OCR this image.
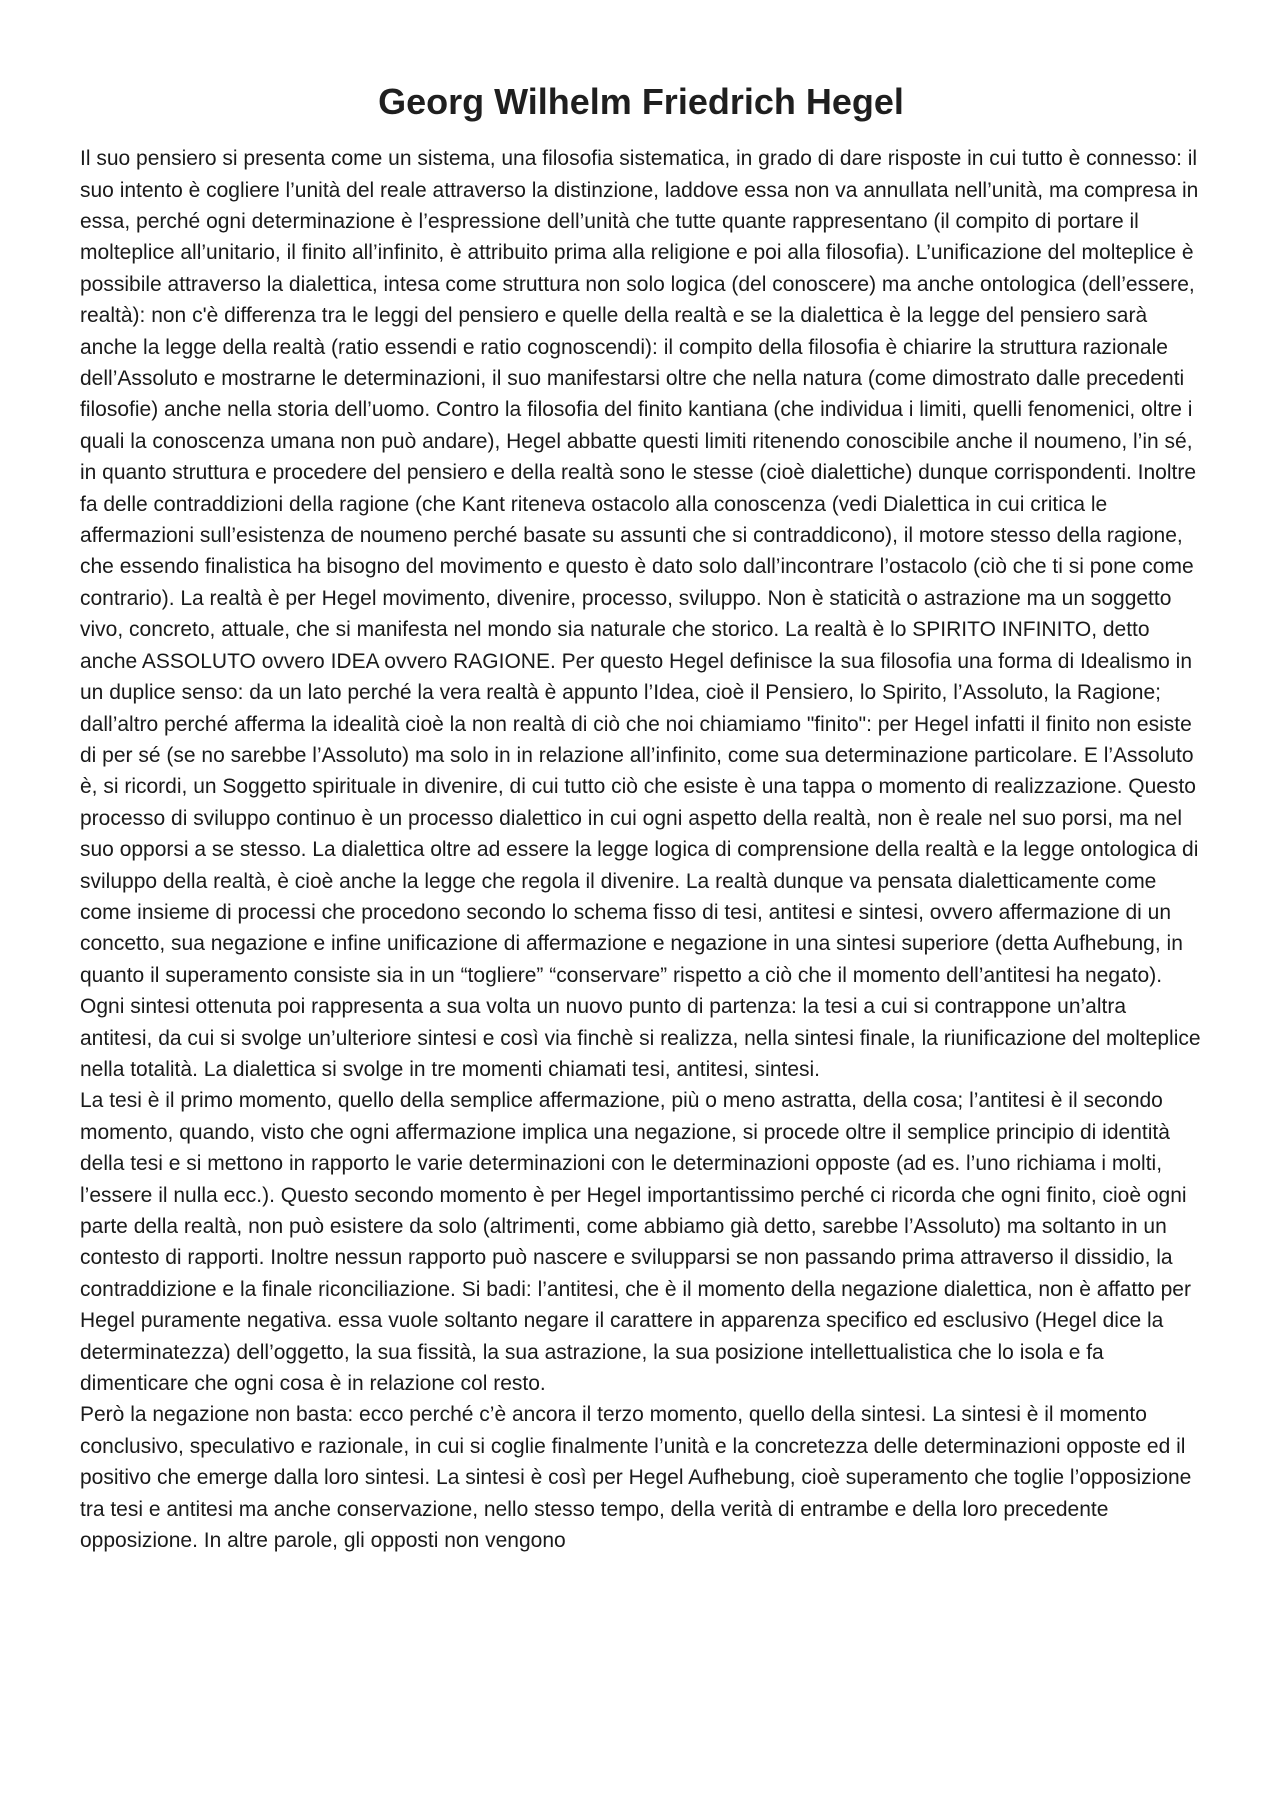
Georg Wilhelm Friedrich Hegel

Il suo pensiero si presenta come un sistema, una filosofia sistematica, in grado di dare risposte in cui tutto è connesso: il suo intento è cogliere l’unità del reale attraverso la distinzione, laddove essa non va annullata nell’unità, ma compresa in essa, perché ogni determinazione è l’espressione dell’unità che tutte quante rappresentano (il compito di portare il molteplice all’unitario, il finito all’infinito, è attribuito prima alla religione e poi alla filosofia). L’unificazione del molteplice è possibile attraverso la dialettica, intesa come struttura non solo logica (del conoscere) ma anche ontologica (dell’essere, realtà): non c'è differenza tra le leggi del pensiero e quelle della realtà e se la dialettica è la legge del pensiero sarà anche la legge della realtà (ratio essendi e ratio cognoscendi): il compito della filosofia è chiarire la struttura razionale dell’Assoluto e mostrarne le determinazioni, il suo manifestarsi oltre che nella natura (come dimostrato dalle precedenti filosofie) anche nella storia dell’uomo. Contro la filosofia del finito kantiana (che individua i limiti, quelli fenomenici, oltre i quali la conoscenza umana non può andare), Hegel abbatte questi limiti ritenendo conoscibile anche il noumeno, l’in sé, in quanto struttura e procedere del pensiero e della realtà sono le stesse (cioè dialettiche) dunque corrispondenti. Inoltre fa delle contraddizioni della ragione (che Kant riteneva ostacolo alla conoscenza (vedi Dialettica in cui critica le affermazioni sull’esistenza de noumeno perché basate su assunti che si contraddicono), il motore stesso della ragione, che essendo finalistica ha bisogno del movimento e questo è dato solo dall’incontrare l’ostacolo (ciò che ti si pone come contrario). La realtà è per Hegel movimento, divenire, processo, sviluppo. Non è staticità o astrazione ma un soggetto vivo, concreto, attuale, che si manifesta nel mondo sia naturale che storico. La realtà è lo SPIRITO INFINITO, detto anche ASSOLUTO ovvero IDEA ovvero RAGIONE. Per questo Hegel definisce la sua filosofia una forma di Idealismo in un duplice senso: da un lato perché la vera realtà è appunto l’Idea, cioè il Pensiero, lo Spirito, l’Assoluto, la Ragione; dall’altro perché afferma la idealità cioè la non realtà di ciò che noi chiamiamo "finito": per Hegel infatti il finito non esiste di per sé (se no sarebbe l’Assoluto) ma solo in in relazione all’infinito, come sua determinazione particolare. E l’Assoluto è, si ricordi, un Soggetto spirituale in divenire, di cui tutto ciò che esiste è una tappa o momento di realizzazione. Questo processo di sviluppo continuo è un processo dialettico in cui ogni aspetto della realtà, non è reale nel suo porsi, ma nel suo opporsi a se stesso. La dialettica oltre ad essere la legge logica di comprensione della realtà e la legge ontologica di sviluppo della realtà, è cioè anche la legge che regola il divenire. La realtà dunque va pensata dialetticamente come come insieme di processi che procedono secondo lo schema fisso di tesi, antitesi e sintesi, ovvero affermazione di un concetto, sua negazione e infine unificazione di affermazione e negazione in una sintesi superiore (detta Aufhebung, in quanto il superamento consiste sia in un “togliere” “conservare” rispetto a ciò che il momento dell’antitesi ha negato). Ogni sintesi ottenuta poi rappresenta a sua volta un nuovo punto di partenza: la tesi a cui si contrappone un’altra antitesi, da cui si svolge un’ulteriore sintesi e così via finchè si realizza, nella sintesi finale, la riunificazione del molteplice nella totalità. La dialettica si svolge in tre momenti chiamati tesi, antitesi, sintesi.

La tesi è il primo momento, quello della semplice affermazione, più o meno astratta, della cosa; l’antitesi è il secondo momento, quando, visto che ogni affermazione implica una negazione, si procede oltre il semplice principio di identità della tesi e si mettono in rapporto le varie determinazioni con le determinazioni opposte (ad es. l’uno richiama i molti, l’essere il nulla ecc.). Questo secondo momento è per Hegel importantissimo perché ci ricorda che ogni finito, cioè ogni parte della realtà, non può esistere da solo (altrimenti, come abbiamo già detto, sarebbe l’Assoluto) ma soltanto in un contesto di rapporti. Inoltre nessun rapporto può nascere e svilupparsi se non passando prima attraverso il dissidio, la contraddizione e la finale riconciliazione. Si badi: l’antitesi, che è il momento della negazione dialettica, non è affatto per Hegel puramente negativa. essa vuole soltanto negare il carattere in apparenza specifico ed esclusivo (Hegel dice la determinatezza) dell’oggetto, la sua fissità, la sua astrazione, la sua posizione intellettualistica che lo isola e fa dimenticare che ogni cosa è in relazione col resto.

Però la negazione non basta: ecco perché c’è ancora il terzo momento, quello della sintesi. La sintesi è il momento conclusivo, speculativo e razionale, in cui si coglie finalmente l’unità e la concretezza delle determinazioni opposte ed il positivo che emerge dalla loro sintesi. La sintesi è così per Hegel Aufhebung, cioè superamento che toglie l’opposizione tra tesi e antitesi ma anche conservazione, nello stesso tempo, della verità di entrambe e della loro precedente opposizione. In altre parole, gli opposti non vengono
